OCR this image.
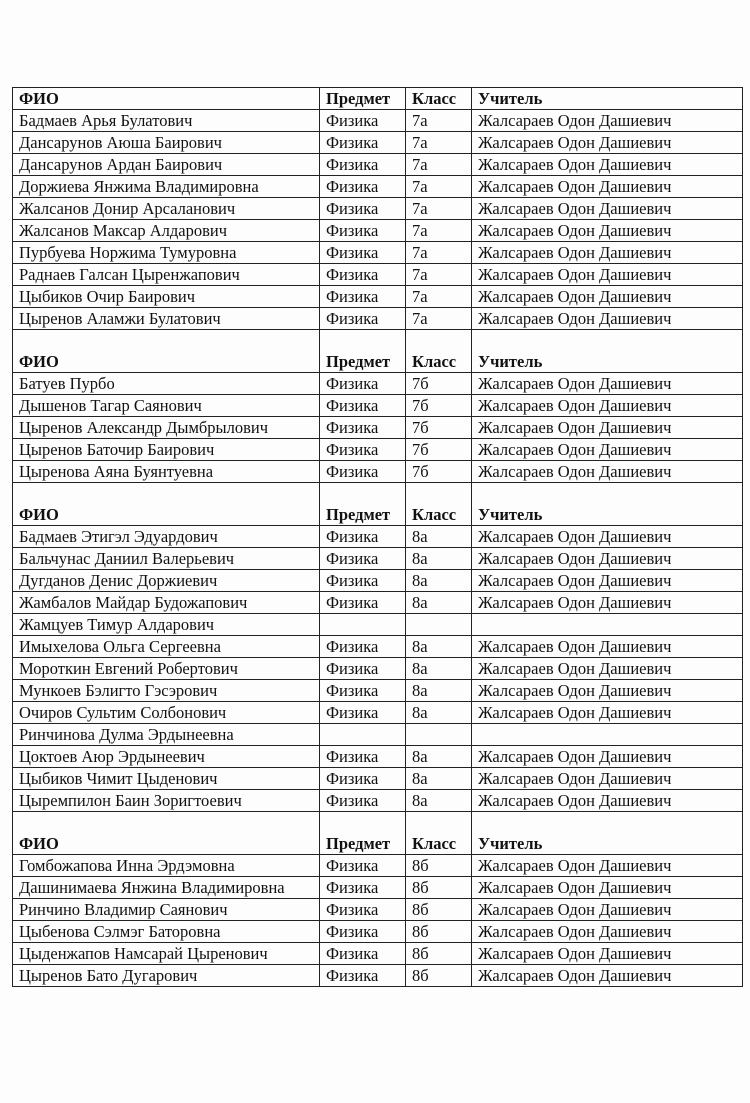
ФИО	Предмет	Класс	Учитель
Бадмаев Арья Булатович	Физика	7а	Жалсараев Одон Дашиевич
Дансарунов Аюша Баирович	Физика	7а	Жалсараев Одон Дашиевич
Дансарунов Ардан Баирович	Физика	7а	Жалсараев Одон Дашиевич
Доржиева Янжима Владимировна	Физика	7а	Жалсараев Одон Дашиевич
Жалсанов Донир Арсаланович	Физика	7а	Жалсараев Одон Дашиевич
Жалсанов Максар Алдарович	Физика	7а	Жалсараев Одон Дашиевич
Пурбуева Норжима Тумуровна	Физика	7а	Жалсараев Одон Дашиевич
Раднаев Галсан Цыренжапович	Физика	7а	Жалсараев Одон Дашиевич
Цыбиков Очир Баирович	Физика	7а	Жалсараев Одон Дашиевич
Цыренов Аламжи Булатович	Физика	7а	Жалсараев Одон Дашиевич

ФИО	Предмет	Класс	Учитель
Батуев Пурбо	Физика	7б	Жалсараев Одон Дашиевич
Дышенов Тагар Саянович	Физика	7б	Жалсараев Одон Дашиевич
Цыренов Александр Дымбрылович	Физика	7б	Жалсараев Одон Дашиевич
Цыренов Баточир Баирович	Физика	7б	Жалсараев Одон Дашиевич
Цыренова Аяна Буянтуевна	Физика	7б	Жалсараев Одон Дашиевич

ФИО	Предмет	Класс	Учитель
Бадмаев Этигэл Эдуардович	Физика	8а	Жалсараев Одон Дашиевич
Бальчунас Даниил Валерьевич	Физика	8а	Жалсараев Одон Дашиевич
Дугданов Денис Доржиевич	Физика	8а	Жалсараев Одон Дашиевич
Жамбалов Майдар Будожапович	Физика	8а	Жалсараев Одон Дашиевич
Жамцуев Тимур Алдарович			
Имыхелова Ольга Сергеевна	Физика	8а	Жалсараев Одон Дашиевич
Мороткин Евгений Робертович	Физика	8а	Жалсараев Одон Дашиевич
Мункоев Бэлигто Гэсэрович	Физика	8а	Жалсараев Одон Дашиевич
Очиров Сультим Солбонович	Физика	8а	Жалсараев Одон Дашиевич
Ринчинова Дулма Эрдынеевна			
Цоктоев Аюр Эрдынеевич	Физика	8а	Жалсараев Одон Дашиевич
Цыбиков Чимит Цыденович	Физика	8а	Жалсараев Одон Дашиевич
Цыремпилон Баин Зоригтоевич	Физика	8а	Жалсараев Одон Дашиевич

ФИО	Предмет	Класс	Учитель
Гомбожапова Инна Эрдэмовна	Физика	8б	Жалсараев Одон Дашиевич
Дашинимаева Янжина Владимировна	Физика	8б	Жалсараев Одон Дашиевич
Ринчино Владимир Саянович	Физика	8б	Жалсараев Одон Дашиевич
Цыбенова Сэлмэг Баторовна	Физика	8б	Жалсараев Одон Дашиевич
Цыденжапов Намсарай Цыренович	Физика	8б	Жалсараев Одон Дашиевич
Цыренов Бато Дугарович	Физика	8б	Жалсараев Одон Дашиевич
